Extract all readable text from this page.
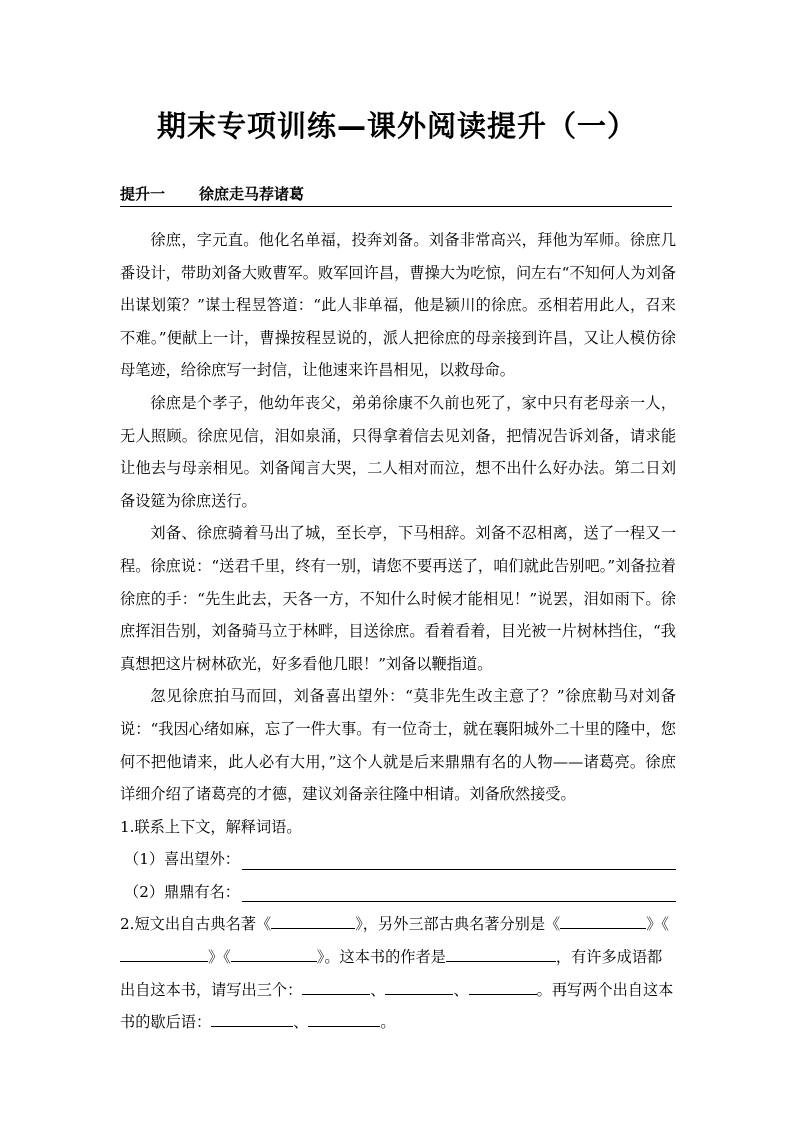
期末专项训练—课外阅读提升（一）
提升一 徐庶走马荐诸葛

徐庶，字元直。他化名单福，投奔刘备。刘备非常高兴，拜他为军师。徐庶几番设计，带助刘备大败曹军。败军回许昌，曹操大为吃惊，问左右“不知何人为刘备出谋划策？”谋士程昱答道：“此人非单福，他是颍川的徐庶。丞相若用此人，召来不难。”便献上一计，曹操按程昱说的，派人把徐庶的母亲接到许昌，又让人模仿徐母笔迹，给徐庶写一封信，让他速来许昌相见，以救母命。

徐庶是个孝子，他幼年丧父，弟弟徐康不久前也死了，家中只有老母亲一人，无人照顾。徐庶见信，泪如泉涌，只得拿着信去见刘备，把情况告诉刘备，请求能让他去与母亲相见。刘备闻言大哭，二人相对而泣，想不出什么好办法。第二日刘备设筵为徐庶送行。

刘备、徐庶骑着马出了城，至长亭，下马相辞。刘备不忍相离，送了一程又一程。徐庶说：“送君千里，终有一别，请您不要再送了，咱们就此告别吧。”刘备拉着徐庶的手：“先生此去，天各一方，不知什么时候才能相见！”说罢，泪如雨下。徐庶挥泪告别，刘备骑马立于林畔，目送徐庶。看着看着，目光被一片树林挡住，“我真想把这片树林砍光，好多看他几眼！”刘备以鞭指道。

忽见徐庶拍马而回，刘备喜出望外：“莫非先生改主意了？”徐庶勒马对刘备说：“我因心绪如麻，忘了一件大事。有一位奇士，就在襄阳城外二十里的隆中，您何不把他请来，此人必有大用，”这个人就是后来鼎鼎有名的人物——诸葛亮。徐庶详细介绍了诸葛亮的才德，建议刘备亲往隆中相请。刘备欣然接受。

1.联系上下文，解释词语。
（1）喜出望外：
（2）鼎鼎有名：
2.短文出自古典名著《	》，另外三部古典名著分别是《	》《》《	》。这本书的作者是	，有许多成语都出自这本书，请写出三个：	、	、	。再写两个出自这本书的歇后语：	、	。
